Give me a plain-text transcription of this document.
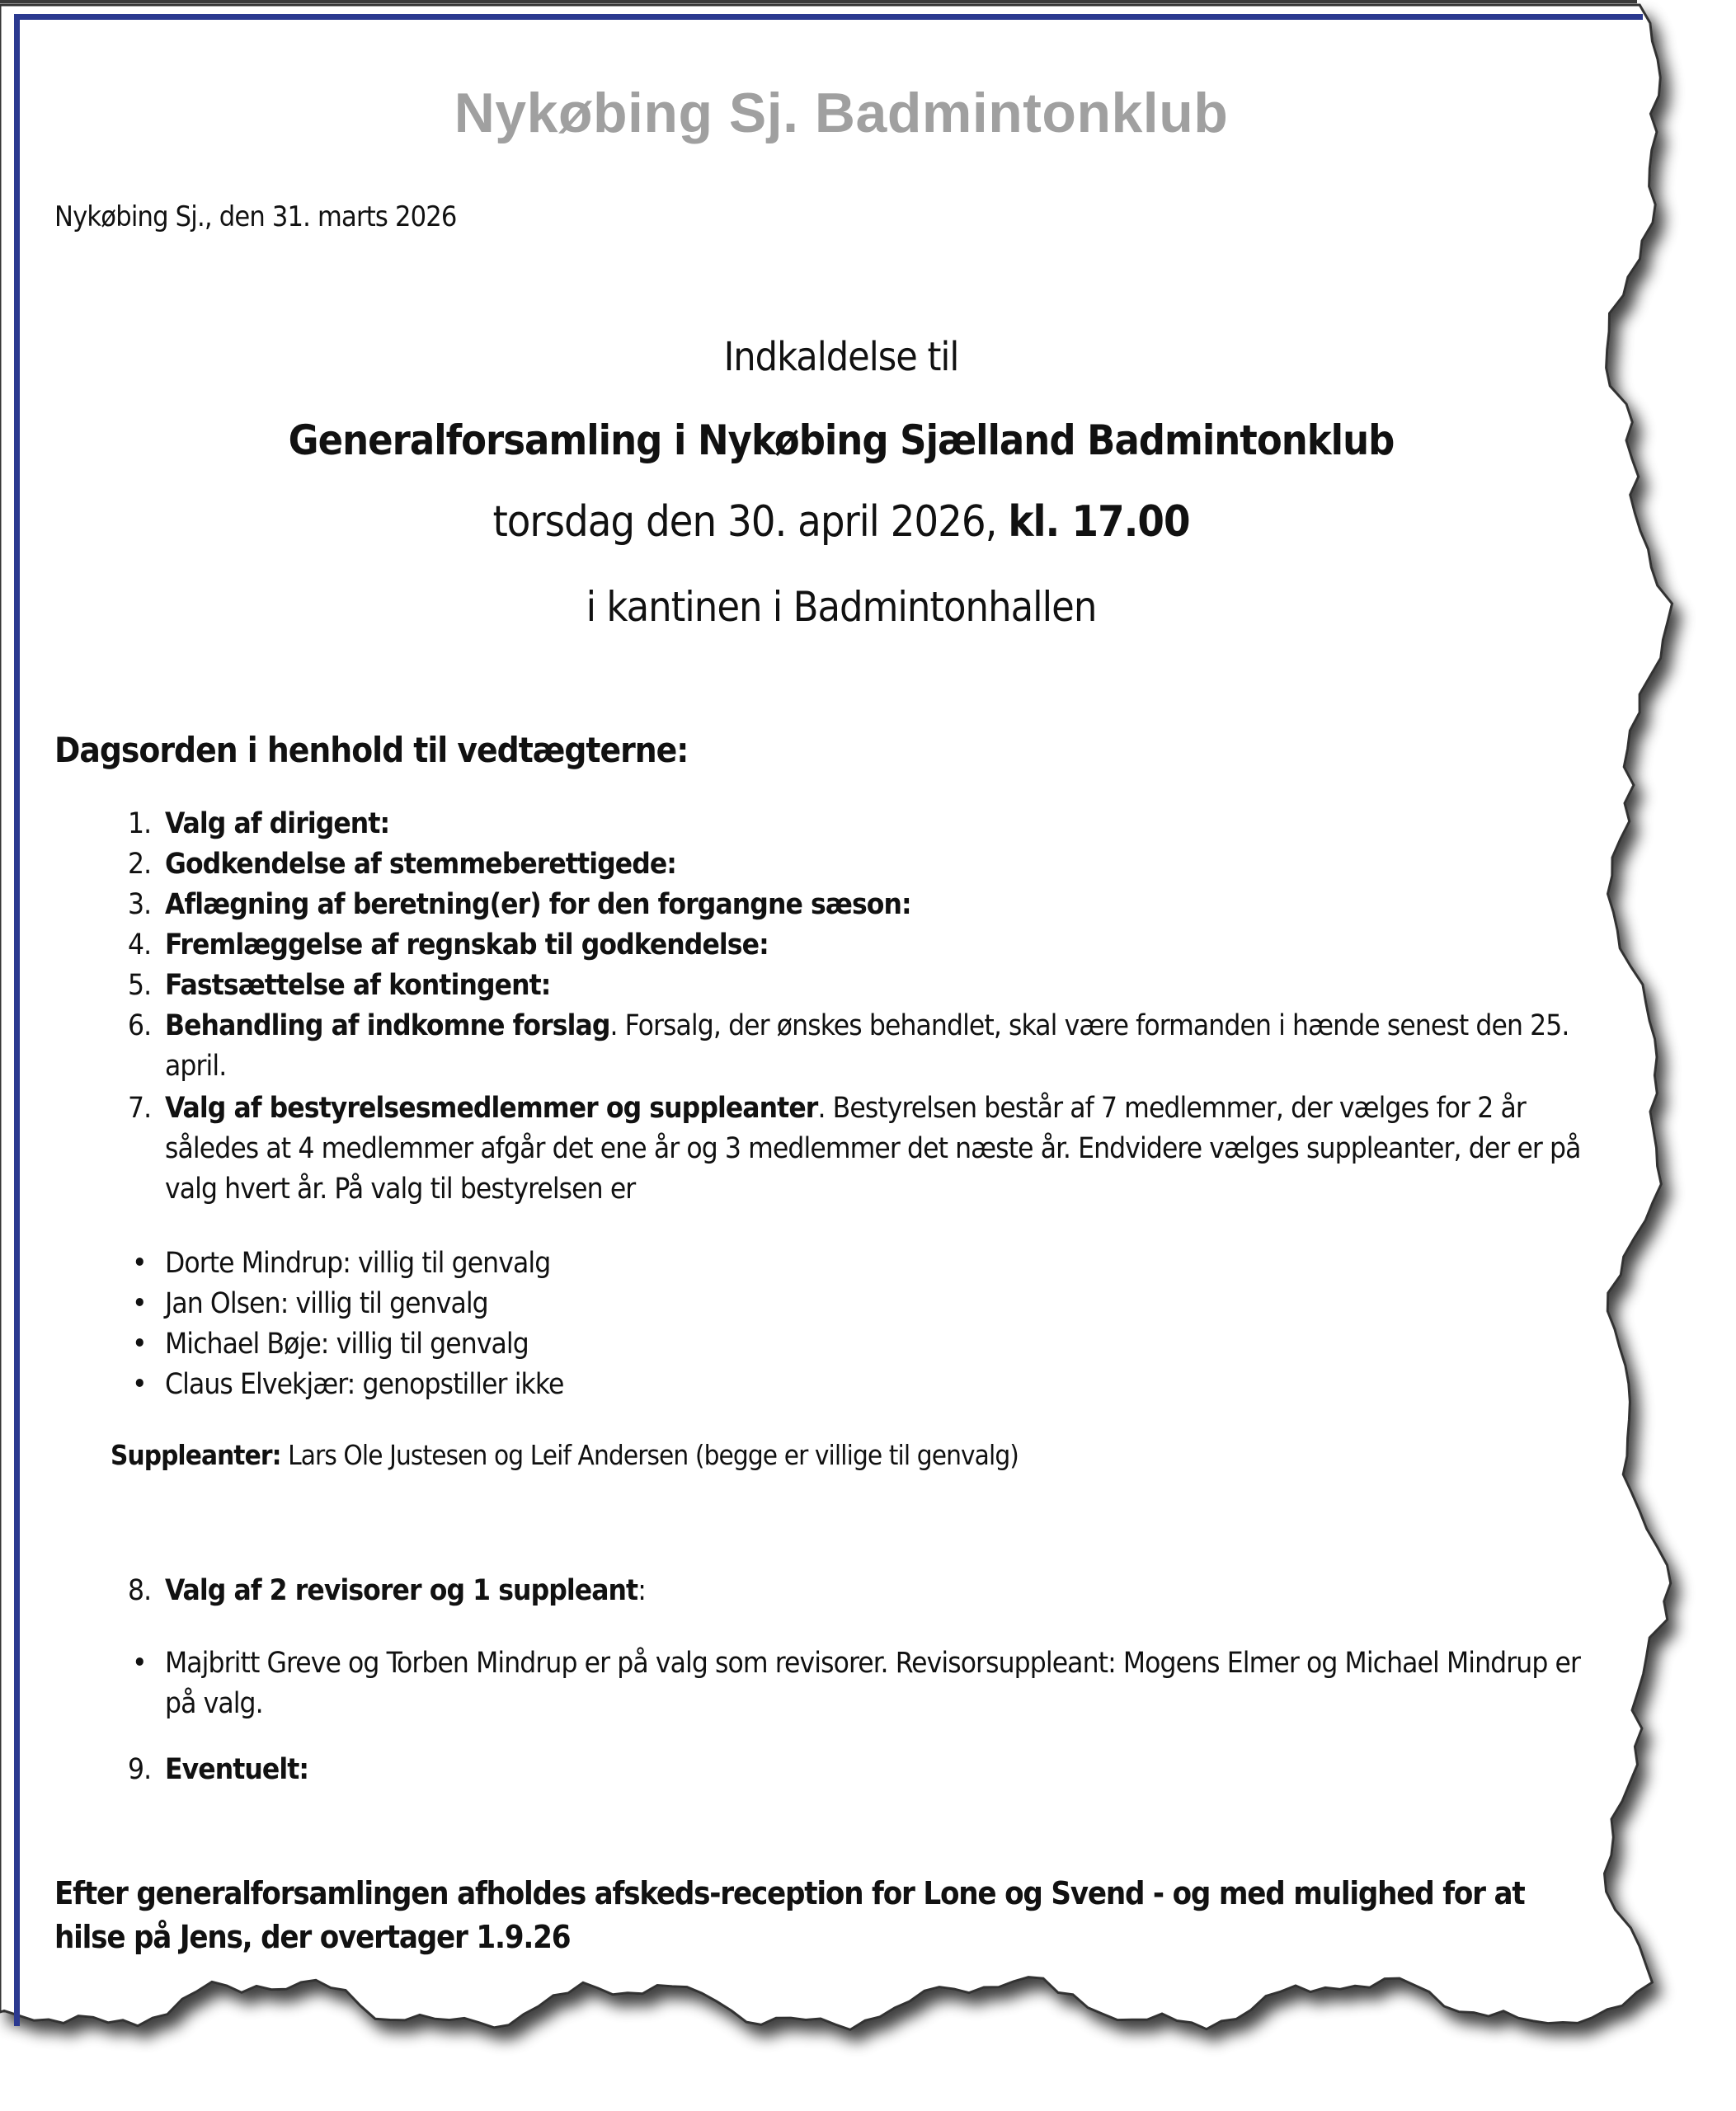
Nykøbing Sj. Badmintonklub
Nykøbing Sj., den 31. marts 2026
Indkaldelse til
Generalforsamling i Nykøbing Sjælland Badmintonklub
torsdag den 30. april 2026, kl. 17.00
i kantinen i Badmintonhallen
Dagsorden i henhold til vedtægterne:
1. Valg af dirigent:
2. Godkendelse af stemmeberettigede:
3. Aflægning af beretning(er) for den forgangne sæson:
4. Fremlæggelse af regnskab til godkendelse:
5. Fastsættelse af kontingent:
6. Behandling af indkomne forslag. Forsalg, der ønskes behandlet, skal være formanden i hænde senest den 25. april.
7. Valg af bestyrelsesmedlemmer og suppleanter. Bestyrelsen består af 7 medlemmer, der vælges for 2 år således at 4 medlemmer afgår det ene år og 3 medlemmer det næste år. Endvidere vælges suppleanter, der er på valg hvert år. På valg til bestyrelsen er
• Dorte Mindrup: villig til genvalg
• Jan Olsen: villig til genvalg
• Michael Bøje: villig til genvalg
• Claus Elvekjær: genopstiller ikke
Suppleanter: Lars Ole Justesen og Leif Andersen (begge er villige til genvalg)
8. Valg af 2 revisorer og 1 suppleant:
• Majbritt Greve og Torben Mindrup er på valg som revisorer. Revisorsuppleant: Mogens Elmer og Michael Mindrup er på valg.
9. Eventuelt:
Efter generalforsamlingen afholdes afskeds-reception for Lone og Svend - og med mulighed for at hilse på Jens, der overtager 1.9.26
